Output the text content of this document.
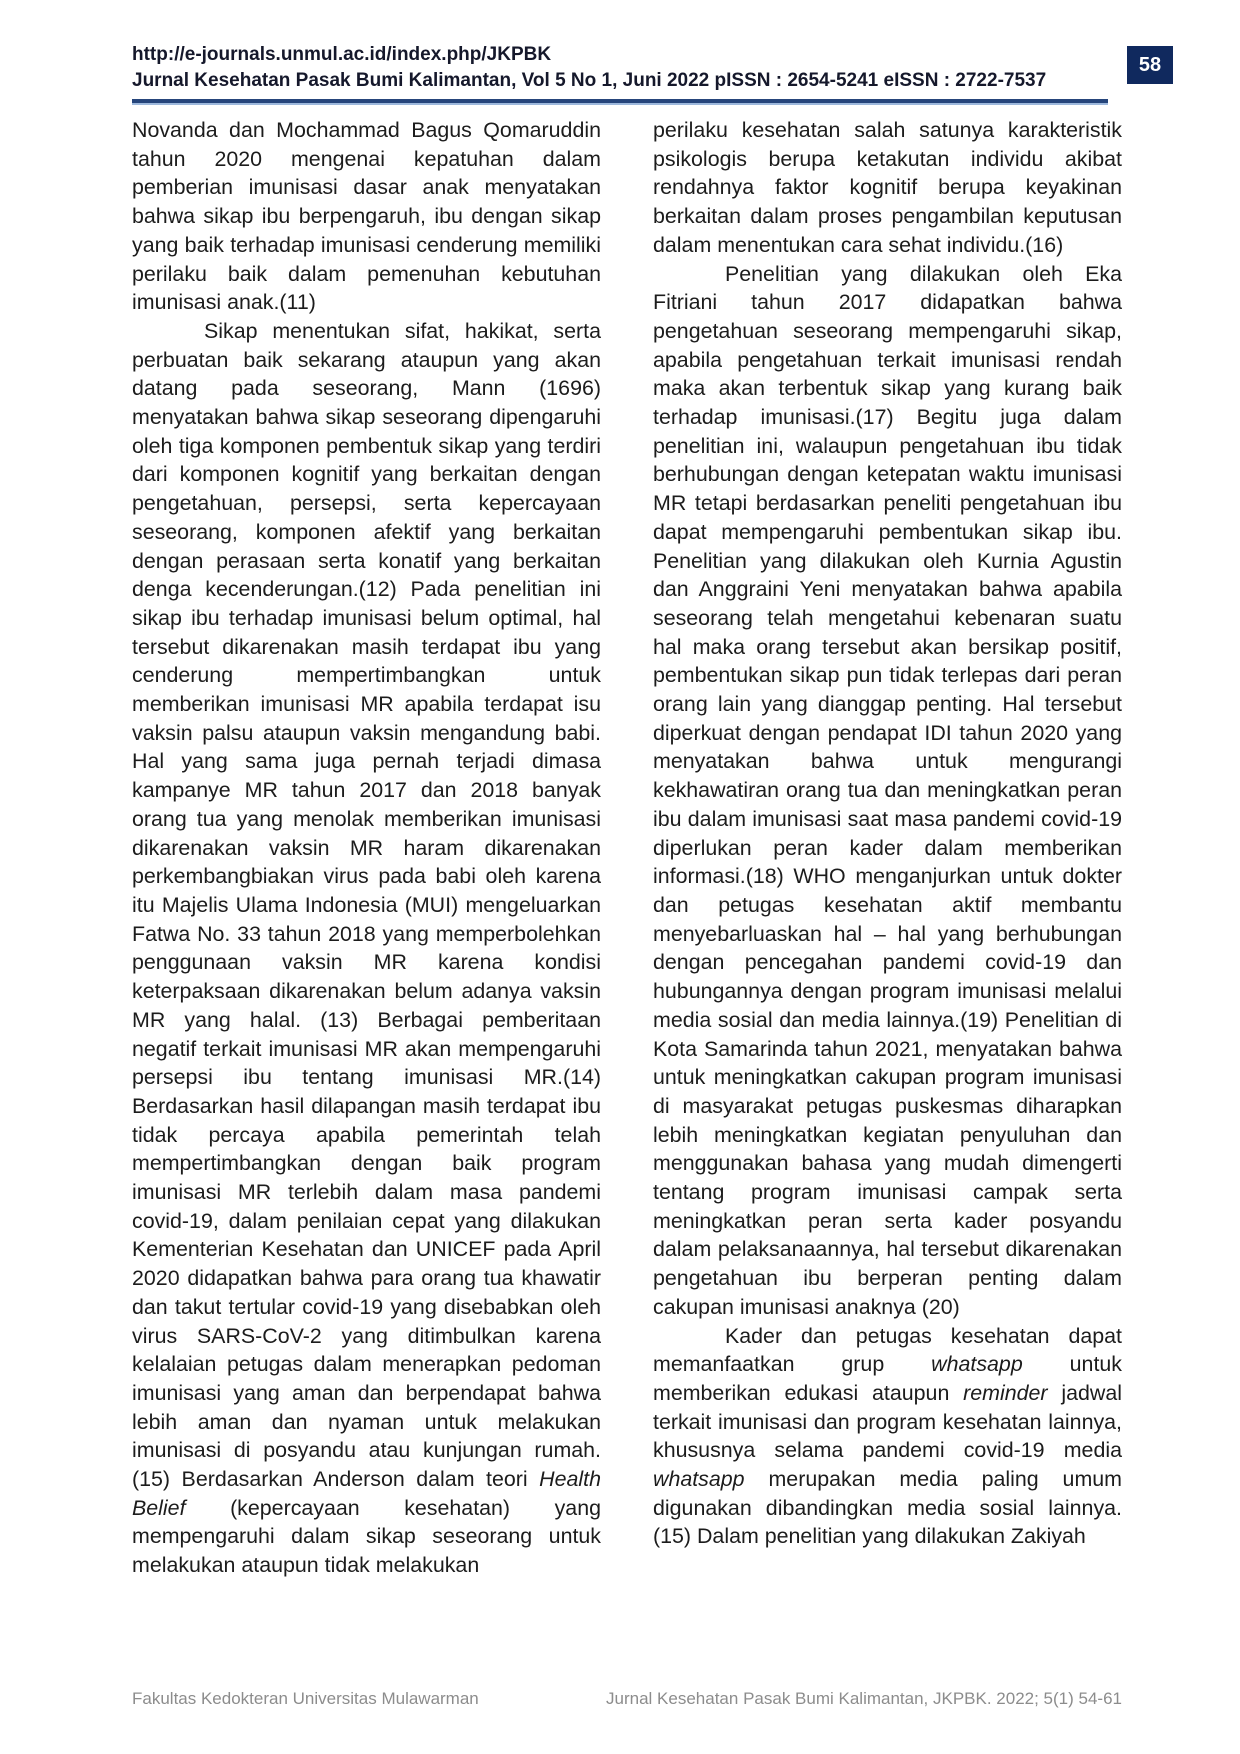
http://e-journals.unmul.ac.id/index.php/JKPBK
Jurnal Kesehatan Pasak Bumi Kalimantan, Vol 5 No 1, Juni 2022 pISSN : 2654-5241 eISSN : 2722-7537
58

Novanda dan Mochammad Bagus Qomaruddin tahun 2020 mengenai kepatuhan dalam pemberian imunisasi dasar anak menyatakan bahwa sikap ibu berpengaruh, ibu dengan sikap yang baik terhadap imunisasi cenderung memiliki perilaku baik dalam pemenuhan kebutuhan imunisasi anak.(11)

Sikap menentukan sifat, hakikat, serta perbuatan baik sekarang ataupun yang akan datang pada seseorang, Mann (1696) menyatakan bahwa sikap seseorang dipengaruhi oleh tiga komponen pembentuk sikap yang terdiri dari komponen kognitif yang berkaitan dengan pengetahuan, persepsi, serta kepercayaan seseorang, komponen afektif yang berkaitan dengan perasaan serta konatif yang berkaitan denga kecenderungan.(12) Pada penelitian ini sikap ibu terhadap imunisasi belum optimal, hal tersebut dikarenakan masih terdapat ibu yang cenderung mempertimbangkan untuk memberikan imunisasi MR apabila terdapat isu vaksin palsu ataupun vaksin mengandung babi. Hal yang sama juga pernah terjadi dimasa kampanye MR tahun 2017 dan 2018 banyak orang tua yang menolak memberikan imunisasi dikarenakan vaksin MR haram dikarenakan perkembangbiakan virus pada babi oleh karena itu Majelis Ulama Indonesia (MUI) mengeluarkan Fatwa No. 33 tahun 2018 yang memperbolehkan penggunaan vaksin MR karena kondisi keterpaksaan dikarenakan belum adanya vaksin MR yang halal. (13) Berbagai pemberitaan negatif terkait imunisasi MR akan mempengaruhi persepsi ibu tentang imunisasi MR.(14) Berdasarkan hasil dilapangan masih terdapat ibu tidak percaya apabila pemerintah telah mempertimbangkan dengan baik program imunisasi MR terlebih dalam masa pandemi covid-19, dalam penilaian cepat yang dilakukan Kementerian Kesehatan dan UNICEF pada April 2020 didapatkan bahwa para orang tua khawatir dan takut tertular covid-19 yang disebabkan oleh virus SARS-CoV-2 yang ditimbulkan karena kelalaian petugas dalam menerapkan pedoman imunisasi yang aman dan berpendapat bahwa lebih aman dan nyaman untuk melakukan imunisasi di posyandu atau kunjungan rumah. (15) Berdasarkan Anderson dalam teori Health Belief (kepercayaan kesehatan) yang mempengaruhi dalam sikap seseorang untuk melakukan ataupun tidak melakukan

perilaku kesehatan salah satunya karakteristik psikologis berupa ketakutan individu akibat rendahnya faktor kognitif berupa keyakinan berkaitan dalam proses pengambilan keputusan dalam menentukan cara sehat individu.(16)

Penelitian yang dilakukan oleh Eka Fitriani tahun 2017 didapatkan bahwa pengetahuan seseorang mempengaruhi sikap, apabila pengetahuan terkait imunisasi rendah maka akan terbentuk sikap yang kurang baik terhadap imunisasi.(17) Begitu juga dalam penelitian ini, walaupun pengetahuan ibu tidak berhubungan dengan ketepatan waktu imunisasi MR tetapi berdasarkan peneliti pengetahuan ibu dapat mempengaruhi pembentukan sikap ibu. Penelitian yang dilakukan oleh Kurnia Agustin dan Anggraini Yeni menyatakan bahwa apabila seseorang telah mengetahui kebenaran suatu hal maka orang tersebut akan bersikap positif, pembentukan sikap pun tidak terlepas dari peran orang lain yang dianggap penting. Hal tersebut diperkuat dengan pendapat IDI tahun 2020 yang menyatakan bahwa untuk mengurangi kekhawatiran orang tua dan meningkatkan peran ibu dalam imunisasi saat masa pandemi covid-19 diperlukan peran kader dalam memberikan informasi.(18) WHO menganjurkan untuk dokter dan petugas kesehatan aktif membantu menyebarluaskan hal – hal yang berhubungan dengan pencegahan pandemi covid-19 dan hubungannya dengan program imunisasi melalui media sosial dan media lainnya.(19) Penelitian di Kota Samarinda tahun 2021, menyatakan bahwa untuk meningkatkan cakupan program imunisasi di masyarakat petugas puskesmas diharapkan lebih meningkatkan kegiatan penyuluhan dan menggunakan bahasa yang mudah dimengerti tentang program imunisasi campak serta meningkatkan peran serta kader posyandu dalam pelaksanaannya, hal tersebut dikarenakan pengetahuan ibu berperan penting dalam cakupan imunisasi anaknya (20)

Kader dan petugas kesehatan dapat memanfaatkan grup whatsapp untuk memberikan edukasi ataupun reminder jadwal terkait imunisasi dan program kesehatan lainnya, khususnya selama pandemi covid-19 media whatsapp merupakan media paling umum digunakan dibandingkan media sosial lainnya.(15) Dalam penelitian yang dilakukan Zakiyah

Fakultas Kedokteran Universitas Mulawarman	Jurnal Kesehatan Pasak Bumi Kalimantan, JKPBK. 2022; 5(1) 54-61
